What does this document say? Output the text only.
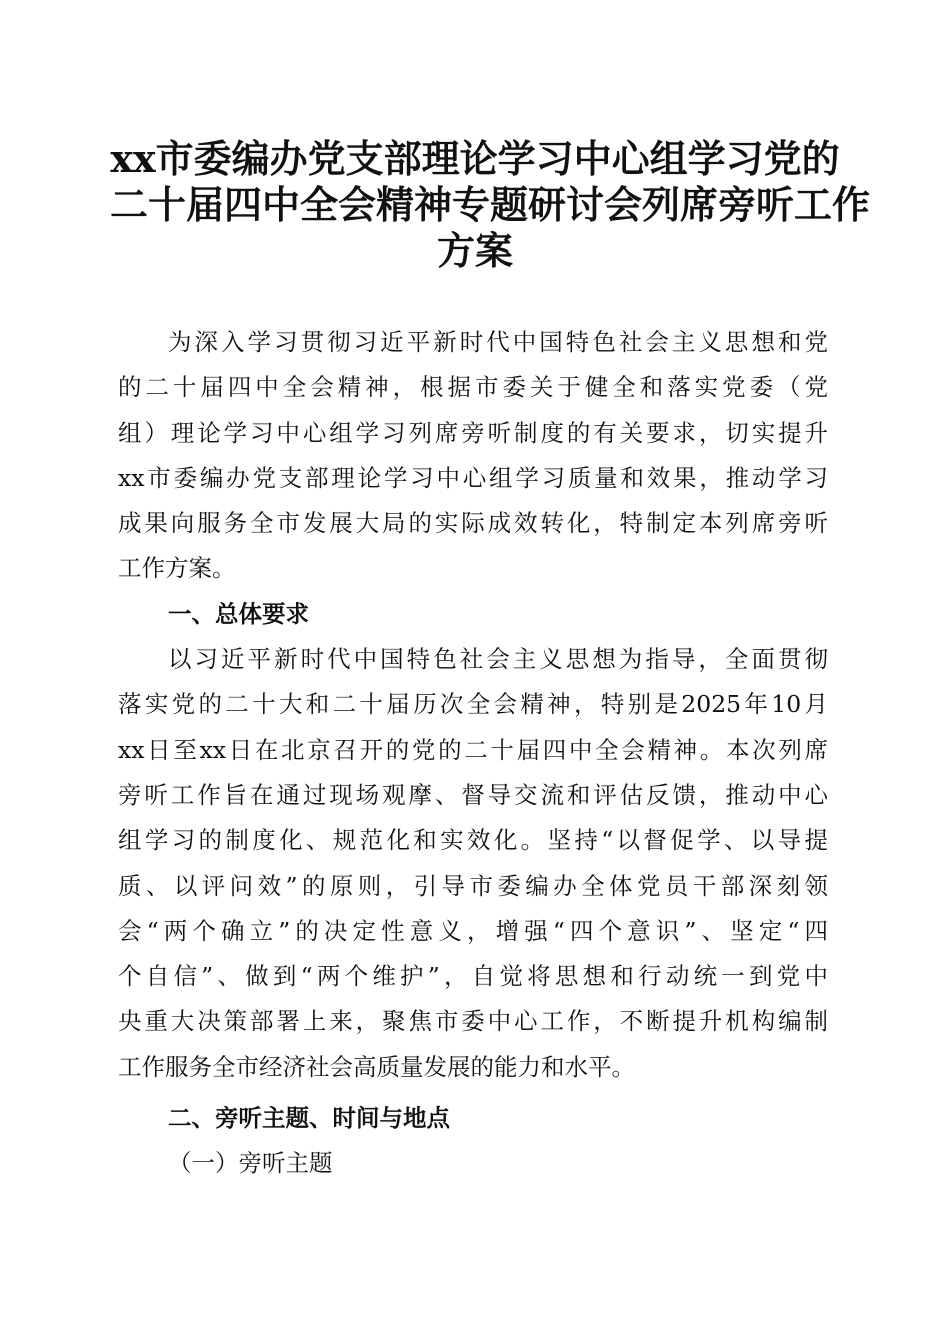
xx市委编办党支部理论学习中心组学习党的
二十届四中全会精神专题研讨会列席旁听工作
方案
为深入学习贯彻习近平新时代中国特色社会主义思想和党
的二十届四中全会精神，根据市委关于健全和落实党委（党
组）理论学习中心组学习列席旁听制度的有关要求，切实提升
xx市委编办党支部理论学习中心组学习质量和效果，推动学习
成果向服务全市发展大局的实际成效转化，特制定本列席旁听
工作方案。
一、总体要求
以习近平新时代中国特色社会主义思想为指导，全面贯彻
落实党的二十大和二十届历次全会精神，特别是2025年10月
xx日至xx日在北京召开的党的二十届四中全会精神。本次列席
旁听工作旨在通过现场观摩、督导交流和评估反馈，推动中心
组学习的制度化、规范化和实效化。坚持“以督促学、以导提
质、以评问效”的原则，引导市委编办全体党员干部深刻领
会“两个确立”的决定性意义，增强“四个意识”、坚定“四
个自信”、做到“两个维护”，自觉将思想和行动统一到党中
央重大决策部署上来，聚焦市委中心工作，不断提升机构编制
工作服务全市经济社会高质量发展的能力和水平。
二、旁听主题、时间与地点
（一）旁听主题
